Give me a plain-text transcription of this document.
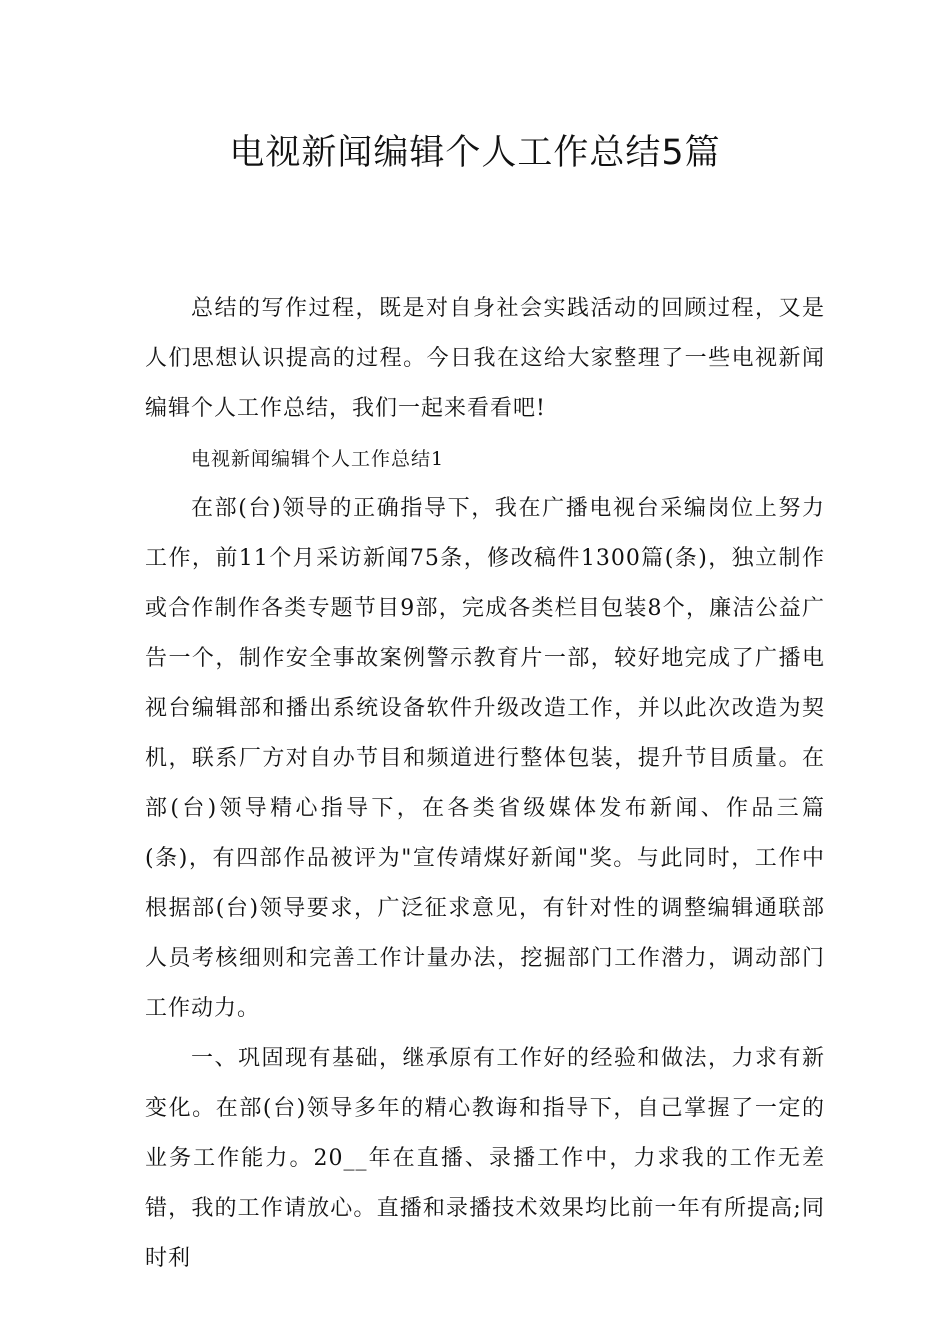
电视新闻编辑个人工作总结5篇

总结的写作过程，既是对自身社会实践活动的回顾过程，又是人们思想认识提高的过程。今日我在这给大家整理了一些电视新闻编辑个人工作总结，我们一起来看看吧!

电视新闻编辑个人工作总结1

在部(台)领导的正确指导下，我在广播电视台采编岗位上努力工作，前11个月采访新闻75条，修改稿件1300篇(条)，独立制作或合作制作各类专题节目9部，完成各类栏目包装8个，廉洁公益广告一个，制作安全事故案例警示教育片一部，较好地完成了广播电视台编辑部和播出系统设备软件升级改造工作，并以此次改造为契机，联系厂方对自办节目和频道进行整体包装，提升节目质量。在部(台)领导精心指导下，在各类省级媒体发布新闻、作品三篇(条)，有四部作品被评为"宣传靖煤好新闻"奖。与此同时，工作中根据部(台)领导要求，广泛征求意见，有针对性的调整编辑通联部人员考核细则和完善工作计量办法，挖掘部门工作潜力，调动部门工作动力。

一、巩固现有基础，继承原有工作好的经验和做法，力求有新变化。在部(台)领导多年的精心教诲和指导下，自己掌握了一定的业务工作能力。20__年在直播、录播工作中，力求我的工作无差错，我的工作请放心。直播和录播技术效果均比前一年有所提高;同时利
